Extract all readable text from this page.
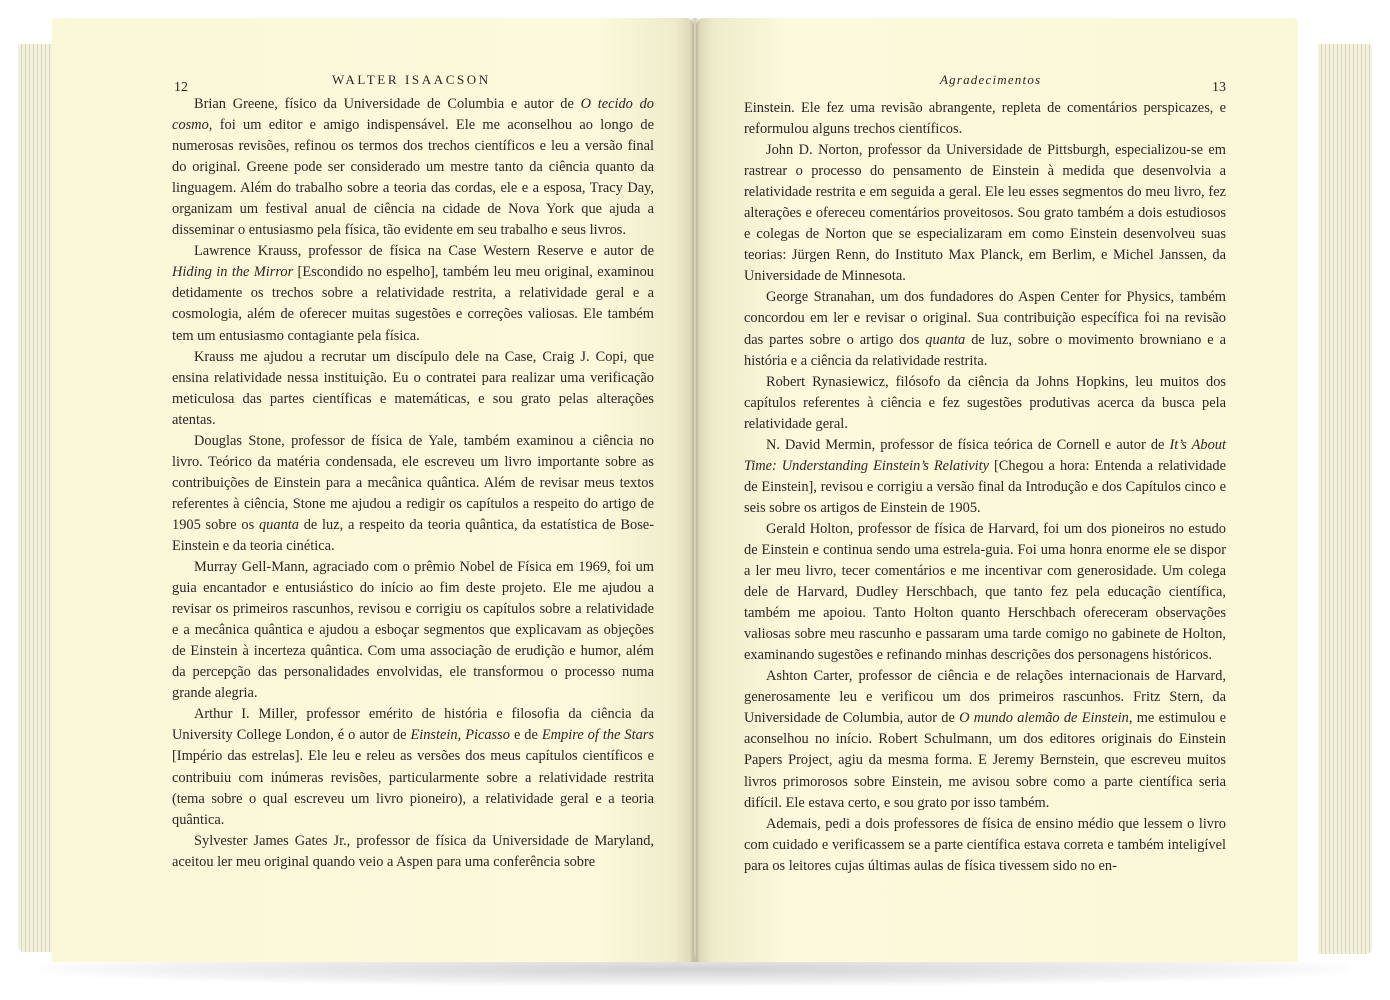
12
WALTER ISAACSON

Brian Greene, físico da Universidade de Columbia e autor de O tecido do cosmo, foi um editor e amigo indispensável. Ele me aconselhou ao longo de numerosas revisões, refinou os termos dos trechos científicos e leu a versão final do original. Greene pode ser considerado um mestre tanto da ciência quanto da linguagem. Além do trabalho sobre a teoria das cordas, ele e a esposa, Tracy Day, organizam um festival anual de ciência na cidade de Nova York que ajuda a disseminar o entusiasmo pela física, tão evidente em seu trabalho e seus livros.

Lawrence Krauss, professor de física na Case Western Reserve e autor de Hiding in the Mirror [Escondido no espelho], também leu meu original, examinou detidamente os trechos sobre a relatividade restrita, a relatividade geral e a cosmologia, além de oferecer muitas sugestões e correções valiosas. Ele também tem um entusiasmo contagiante pela física.

Krauss me ajudou a recrutar um discípulo dele na Case, Craig J. Copi, que ensina relatividade nessa instituição. Eu o contratei para realizar uma verificação meticulosa das partes científicas e matemáticas, e sou grato pelas alterações atentas.

Douglas Stone, professor de física de Yale, também examinou a ciência no livro. Teórico da matéria condensada, ele escreveu um livro importante sobre as contribuições de Einstein para a mecânica quântica. Além de revisar meus textos referentes à ciência, Stone me ajudou a redigir os capítulos a respeito do artigo de 1905 sobre os quanta de luz, a respeito da teoria quântica, da estatística de Bose-Einstein e da teoria cinética.

Murray Gell-Mann, agraciado com o prêmio Nobel de Física em 1969, foi um guia encantador e entusiástico do início ao fim deste projeto. Ele me ajudou a revisar os primeiros rascunhos, revisou e corrigiu os capítulos sobre a relatividade e a mecânica quântica e ajudou a esboçar segmentos que explicavam as objeções de Einstein à incerteza quântica. Com uma associação de erudição e humor, além da percepção das personalidades envolvidas, ele transformou o processo numa grande alegria.

Arthur I. Miller, professor emérito de história e filosofia da ciência da University College London, é o autor de Einstein, Picasso e de Empire of the Stars [Império das estrelas]. Ele leu e releu as versões dos meus capítulos científicos e contribuiu com inúmeras revisões, particularmente sobre a relatividade restrita (tema sobre o qual escreveu um livro pioneiro), a relatividade geral e a teoria quântica.

Sylvester James Gates Jr., professor de física da Universidade de Maryland, aceitou ler meu original quando veio a Aspen para uma conferência sobre

Agradecimentos
13

Einstein. Ele fez uma revisão abrangente, repleta de comentários perspicazes, e reformulou alguns trechos científicos.

John D. Norton, professor da Universidade de Pittsburgh, especializou-se em rastrear o processo do pensamento de Einstein à medida que desenvolvia a relatividade restrita e em seguida a geral. Ele leu esses segmentos do meu livro, fez alterações e ofereceu comentários proveitosos. Sou grato também a dois estudiosos e colegas de Norton que se especializaram em como Einstein desenvolveu suas teorias: Jürgen Renn, do Instituto Max Planck, em Berlim, e Michel Janssen, da Universidade de Minnesota.

George Stranahan, um dos fundadores do Aspen Center for Physics, também concordou em ler e revisar o original. Sua contribuição específica foi na revisão das partes sobre o artigo dos quanta de luz, sobre o movimento browniano e a história e a ciência da relatividade restrita.

Robert Rynasiewicz, filósofo da ciência da Johns Hopkins, leu muitos dos capítulos referentes à ciência e fez sugestões produtivas acerca da busca pela relatividade geral.

N. David Mermin, professor de física teórica de Cornell e autor de It’s About Time: Understanding Einstein’s Relativity [Chegou a hora: Entenda a relatividade de Einstein], revisou e corrigiu a versão final da Introdução e dos Capítulos cinco e seis sobre os artigos de Einstein de 1905.

Gerald Holton, professor de física de Harvard, foi um dos pioneiros no estudo de Einstein e continua sendo uma estrela-guia. Foi uma honra enorme ele se dispor a ler meu livro, tecer comentários e me incentivar com generosidade. Um colega dele de Harvard, Dudley Herschbach, que tanto fez pela educação científica, também me apoiou. Tanto Holton quanto Herschbach ofereceram observações valiosas sobre meu rascunho e passaram uma tarde comigo no gabinete de Holton, examinando sugestões e refinando minhas descrições dos personagens históricos.

Ashton Carter, professor de ciência e de relações internacionais de Harvard, generosamente leu e verificou um dos primeiros rascunhos. Fritz Stern, da Universidade de Columbia, autor de O mundo alemão de Einstein, me estimulou e aconselhou no início. Robert Schulmann, um dos editores originais do Einstein Papers Project, agiu da mesma forma. E Jeremy Bernstein, que escreveu muitos livros primorosos sobre Einstein, me avisou sobre como a parte científica seria difícil. Ele estava certo, e sou grato por isso também.

Ademais, pedi a dois professores de física de ensino médio que lessem o livro com cuidado e verificassem se a parte científica estava correta e também inteligível para os leitores cujas últimas aulas de física tivessem sido no en-
